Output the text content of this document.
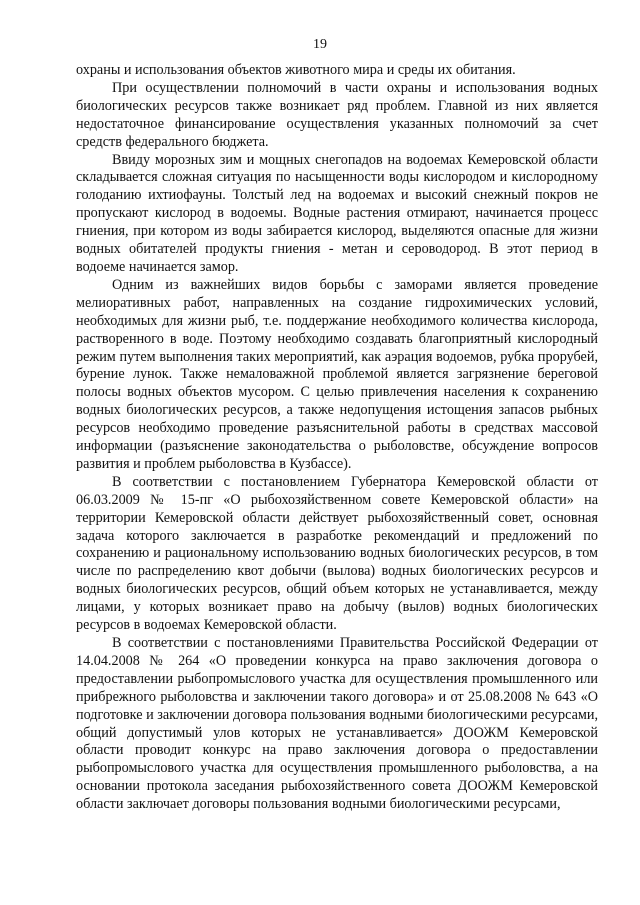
19

охраны и использования объектов животного мира и среды их обитания.

При осуществлении полномочий в части охраны и использования водных биологических ресурсов также возникает ряд проблем. Главной из них является недостаточное финансирование осуществления указанных полномочий за счет средств федерального бюджета.

Ввиду морозных зим и мощных снегопадов на водоемах Кемеровской области складывается сложная ситуация по насыщенности воды кислородом и кислородному голоданию ихтиофауны. Толстый лед на водоемах и высокий снежный покров не пропускают кислород в водоемы. Водные растения отмирают, начинается процесс гниения, при котором из воды забирается кислород, выделяются опасные для жизни водных обитателей продукты гниения - метан и сероводород. В этот период в водоеме начинается замор.

Одним из важнейших видов борьбы с заморами является проведение мелиоративных работ, направленных на создание гидрохимических условий, необходимых для жизни рыб, т.е. поддержание необходимого количества кислорода, растворенного в воде. Поэтому необходимо создавать благоприятный кислородный режим путем выполнения таких мероприятий, как аэрация водоемов, рубка прорубей, бурение лунок. Также немаловажной проблемой является загрязнение береговой полосы водных объектов мусором. С целью привлечения населения к сохранению водных биологических ресурсов, а также недопущения истощения запасов рыбных ресурсов необходимо проведение разъяснительной работы в средствах массовой информации (разъяснение законодательства о рыболовстве, обсуждение вопросов развития и проблем рыболовства в Кузбассе).

В соответствии с постановлением Губернатора Кемеровской области от 06.03.2009 № 15-пг «О рыбохозяйственном совете Кемеровской области» на территории Кемеровской области действует рыбохозяйственный совет, основная задача которого заключается в разработке рекомендаций и предложений по сохранению и рациональному использованию водных биологических ресурсов, в том числе по распределению квот добычи (вылова) водных биологических ресурсов и водных биологических ресурсов, общий объем которых не устанавливается, между лицами, у которых возникает право на добычу (вылов) водных биологических ресурсов в водоемах Кемеровской области.

В соответствии с постановлениями Правительства Российской Федерации от 14.04.2008 № 264 «О проведении конкурса на право заключения договора о предоставлении рыбопромыслового участка для осуществления промышленного или прибрежного рыболовства и заключении такого договора» и от 25.08.2008 № 643 «О подготовке и заключении договора пользования водными биологическими ресурсами, общий допустимый улов которых не устанавливается» ДООЖМ Кемеровской области проводит конкурс на право заключения договора о предоставлении рыбопромыслового участка для осуществления промышленного рыболовства, а на основании протокола заседания рыбохозяйственного совета ДООЖМ Кемеровской области заключает договоры пользования водными биологическими ресурсами,
